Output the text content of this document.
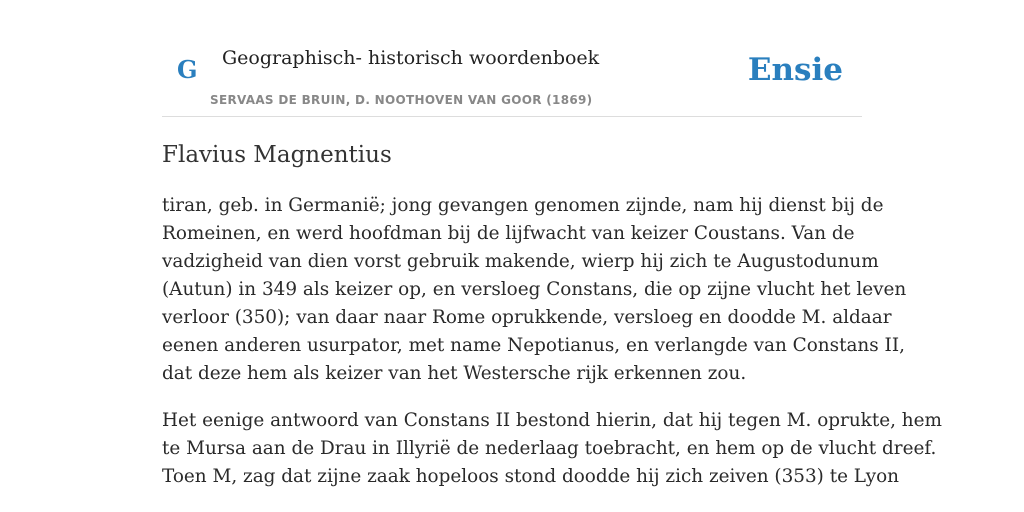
G Geographisch- historisch woordenboek
SERVAAS DE BRUIN, D. NOOTHOVEN VAN GOOR (1869)
Ensie
Flavius Magnentius

tiran, geb. in Germanië; jong gevangen genomen zijnde, nam hij dienst bij de
Romeinen, en werd hoofdman bij de lijfwacht van keizer Coustans. Van de
vadzigheid van dien vorst gebruik makende, wierp hij zich te Augustodunum
(Autun) in 349 als keizer op, en versloeg Constans, die op zijne vlucht het leven
verloor (350); van daar naar Rome oprukkende, versloeg en doodde M. aldaar
eenen anderen usurpator, met name Nepotianus, en verlangde van Constans II,
dat deze hem als keizer van het Westersche rijk erkennen zou.

Het eenige antwoord van Constans II bestond hierin, dat hij tegen M. oprukte, hem
te Mursa aan de Drau in Illyrië de nederlaag toebracht, en hem op de vlucht dreef.
Toen M, zag dat zijne zaak hopeloos stond doodde hij zich zeiven (353) te Lyon
